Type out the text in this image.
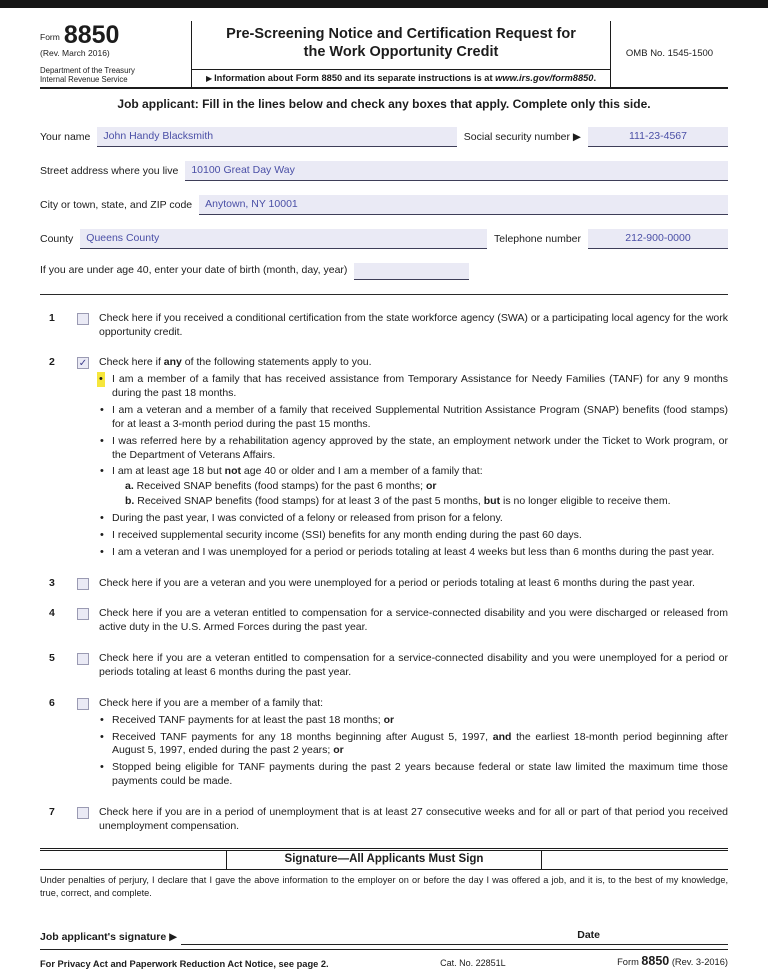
Form 8850
(Rev. March 2016)
Department of the Treasury
Internal Revenue Service
Pre-Screening Notice and Certification Request for
the Work Opportunity Credit
▶ Information about Form 8850 and its separate instructions is at www.irs.gov/form8850.
OMB No. 1545-1500
Job applicant: Fill in the lines below and check any boxes that apply. Complete only this side.
Your name	John Handy Blacksmith	Social security number ▶	111-23-4567
Street address where you live	10100 Great Day Way
City or town, state, and ZIP code	Anytown, NY 10001
County	Queens County	Telephone number	212-900-0000
If you are under age 40, enter your date of birth (month, day, year)
1	Check here if you received a conditional certification from the state workforce agency (SWA) or a participating local agency for the work opportunity credit.
2	✓ Check here if any of the following statements apply to you.
• I am a member of a family that has received assistance from Temporary Assistance for Needy Families (TANF) for any 9 months during the past 18 months.
• I am a veteran and a member of a family that received Supplemental Nutrition Assistance Program (SNAP) benefits (food stamps) for at least a 3-month period during the past 15 months.
• I was referred here by a rehabilitation agency approved by the state, an employment network under the Ticket to Work program, or the Department of Veterans Affairs.
• I am at least age 18 but not age 40 or older and I am a member of a family that:
a. Received SNAP benefits (food stamps) for the past 6 months; or
b. Received SNAP benefits (food stamps) for at least 3 of the past 5 months, but is no longer eligible to receive them.
• During the past year, I was convicted of a felony or released from prison for a felony.
• I received supplemental security income (SSI) benefits for any month ending during the past 60 days.
• I am a veteran and I was unemployed for a period or periods totaling at least 4 weeks but less than 6 months during the past year.
3	Check here if you are a veteran and you were unemployed for a period or periods totaling at least 6 months during the past year.
4	Check here if you are a veteran entitled to compensation for a service-connected disability and you were discharged or released from active duty in the U.S. Armed Forces during the past year.
5	Check here if you are a veteran entitled to compensation for a service-connected disability and you were unemployed for a period or periods totaling at least 6 months during the past year.
6	Check here if you are a member of a family that:
• Received TANF payments for at least the past 18 months; or
• Received TANF payments for any 18 months beginning after August 5, 1997, and the earliest 18-month period beginning after August 5, 1997, ended during the past 2 years; or
• Stopped being eligible for TANF payments during the past 2 years because federal or state law limited the maximum time those payments could be made.
7	Check here if you are in a period of unemployment that is at least 27 consecutive weeks and for all or part of that period you received unemployment compensation.
Signature—All Applicants Must Sign

Under penalties of perjury, I declare that I gave the above information to the employer on or before the day I was offered a job, and it is, to the best of my knowledge, true, correct, and complete.

Job applicant's signature ▶	Date
For Privacy Act and Paperwork Reduction Act Notice, see page 2.	Cat. No. 22851L	Form 8850 (Rev. 3-2016)
